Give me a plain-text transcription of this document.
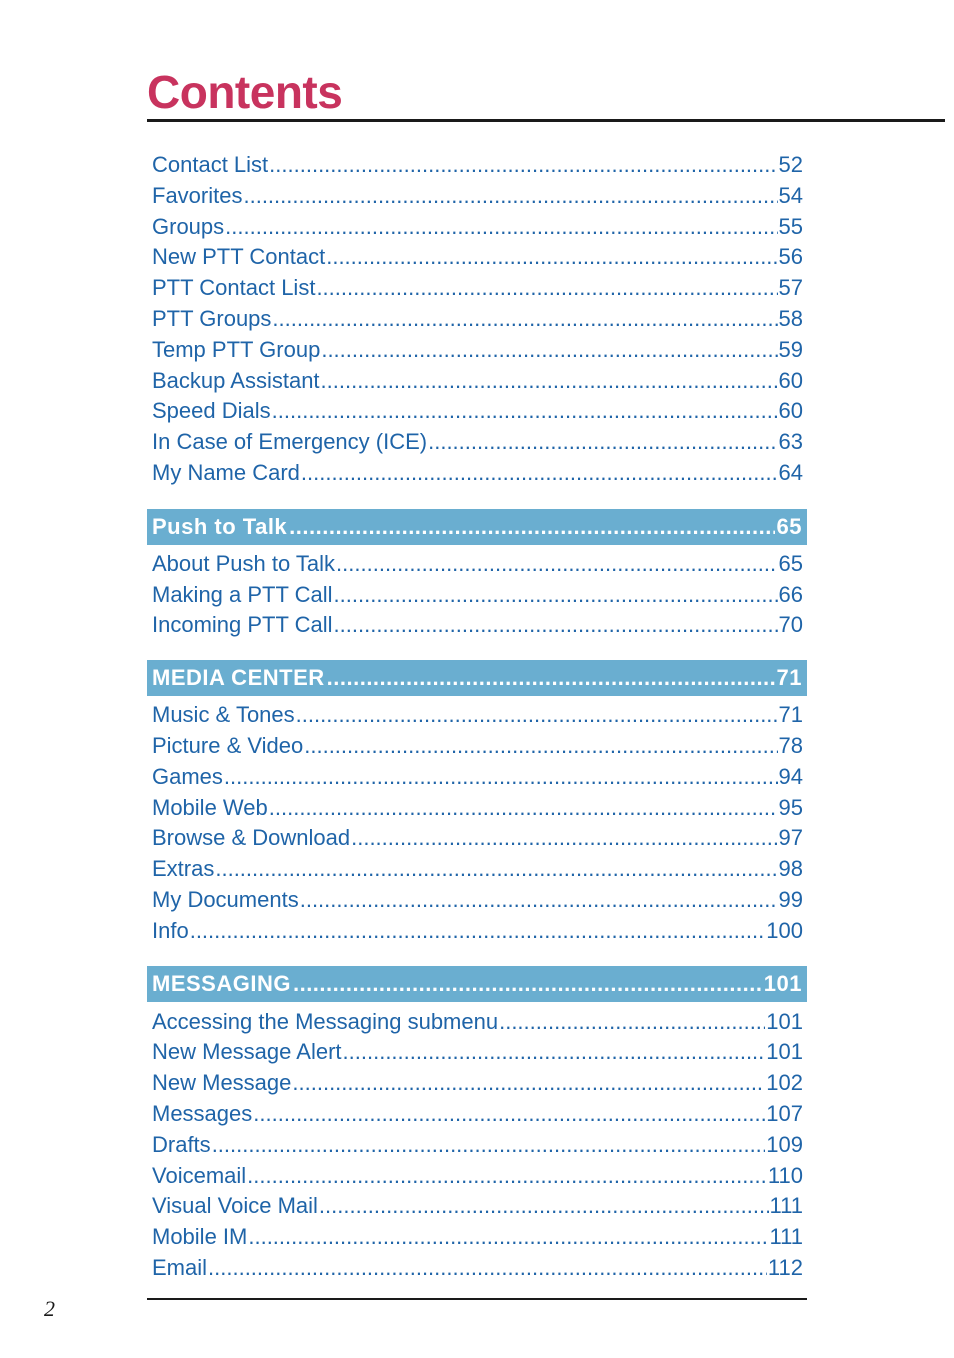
Contents
Contact List .....	52
Favorites .....	54
Groups .....	55
New PTT Contact .....	56
PTT Contact List .....	57
PTT Groups .....	58
Temp PTT Group .....	59
Backup Assistant .....	60
Speed Dials .....	60
In Case of Emergency (ICE) .....	63
My Name Card .....	64
Push to Talk .....	65
About Push to Talk .....	65
Making a PTT Call .....	66
Incoming PTT Call .....	70
MEDIA CENTER .....	71
Music & Tones .....	71
Picture & Video .....	78
Games .....	94
Mobile Web .....	95
Browse & Download .....	97
Extras .....	98
My Documents .....	99
Info .....	100
MESSAGING .....	101
Accessing the Messaging submenu .....	101
New Message Alert .....	101
New Message .....	102
Messages .....	107
Drafts .....	109
Voicemail .....	110
Visual Voice Mail .....	111
Mobile IM .....	111
Email .....	112
2
